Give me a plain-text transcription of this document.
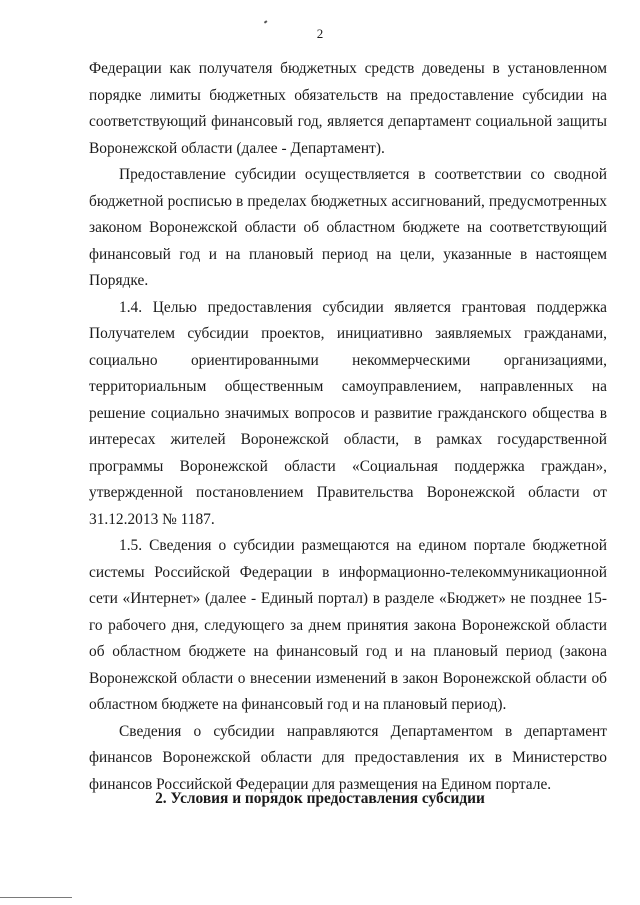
2

Федерации как получателя бюджетных средств доведены в установленном порядке лимиты бюджетных обязательств на предоставление субсидии на соответствующий финансовый год, является департамент социальной защиты Воронежской области (далее - Департамент).

Предоставление субсидии осуществляется в соответствии со сводной бюджетной росписью в пределах бюджетных ассигнований, предусмотренных законом Воронежской области об областном бюджете на соответствующий финансовый год и на плановый период на цели, указанные в настоящем Порядке.

1.4. Целью предоставления субсидии является грантовая поддержка Получателем субсидии проектов, инициативно заявляемых гражданами, социально ориентированными некоммерческими организациями, территориальным общественным самоуправлением, направленных на решение социально значимых вопросов и развитие гражданского общества в интересах жителей Воронежской области, в рамках государственной программы Воронежской области «Социальная поддержка граждан», утвержденной постановлением Правительства Воронежской области от 31.12.2013 № 1187.

1.5. Сведения о субсидии размещаются на едином портале бюджетной системы Российской Федерации в информационно-телекоммуникационной сети «Интернет» (далее - Единый портал) в разделе «Бюджет» не позднее 15-го рабочего дня, следующего за днем принятия закона Воронежской области об областном бюджете на финансовый год и на плановый период (закона Воронежской области о внесении изменений в закон Воронежской области об областном бюджете на финансовый год и на плановый период).

Сведения о субсидии направляются Департаментом в департамент финансов Воронежской области для предоставления их в Министерство финансов Российской Федерации для размещения на Едином портале.

2. Условия и порядок предоставления субсидии
